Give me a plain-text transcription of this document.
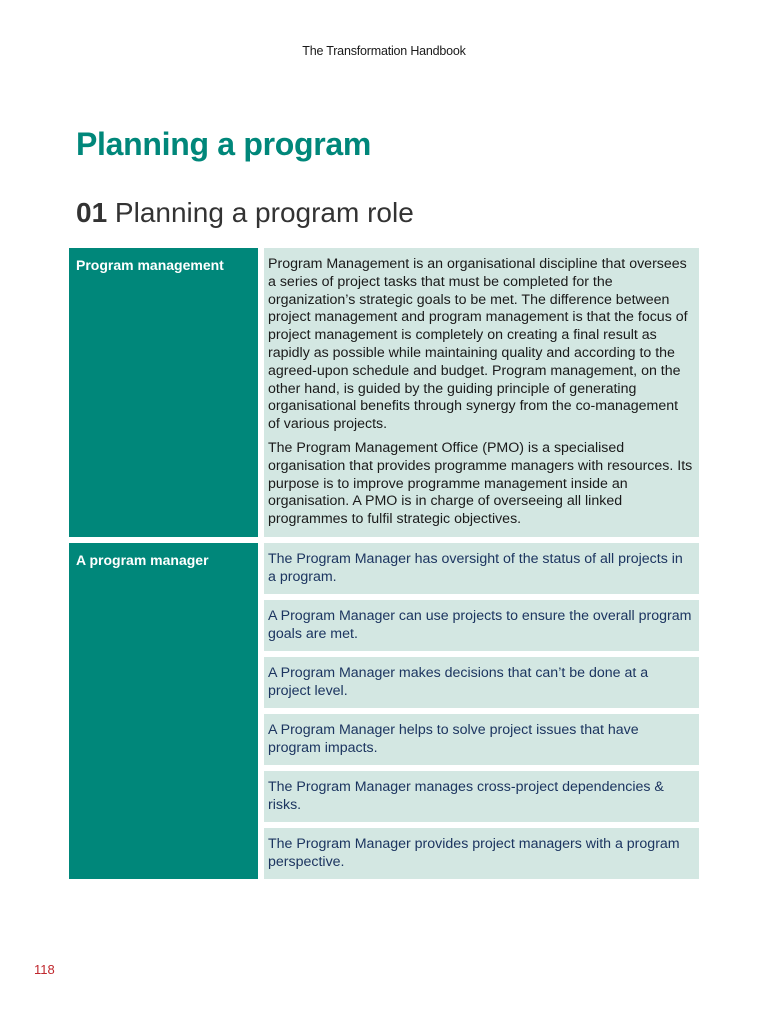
The Transformation Handbook
Planning a program
01 Planning a program role
Program management	Program Management is an organisational discipline that oversees a series of project tasks that must be completed for the organization’s strategic goals to be met. The difference between project management and program management is that the focus of project management is completely on creating a final result as rapidly as possible while maintaining quality and according to the agreed-upon schedule and budget. Program management, on the other hand, is guided by the guiding principle of generating organisational benefits through synergy from the co-management of various projects.

The Program Management Office (PMO) is a specialised organisation that provides programme managers with resources. Its purpose is to improve programme management inside an organisation. A PMO is in charge of overseeing all linked programmes to fulfil strategic objectives.

A program manager	The Program Manager has oversight of the status of all projects in a program.
A Program Manager can use projects to ensure the overall program goals are met.
A Program Manager makes decisions that can’t be done at a project level.
A Program Manager helps to solve project issues that have program impacts.
The Program Manager manages cross-project dependencies & risks.
The Program Manager provides project managers with a program perspective.
118
